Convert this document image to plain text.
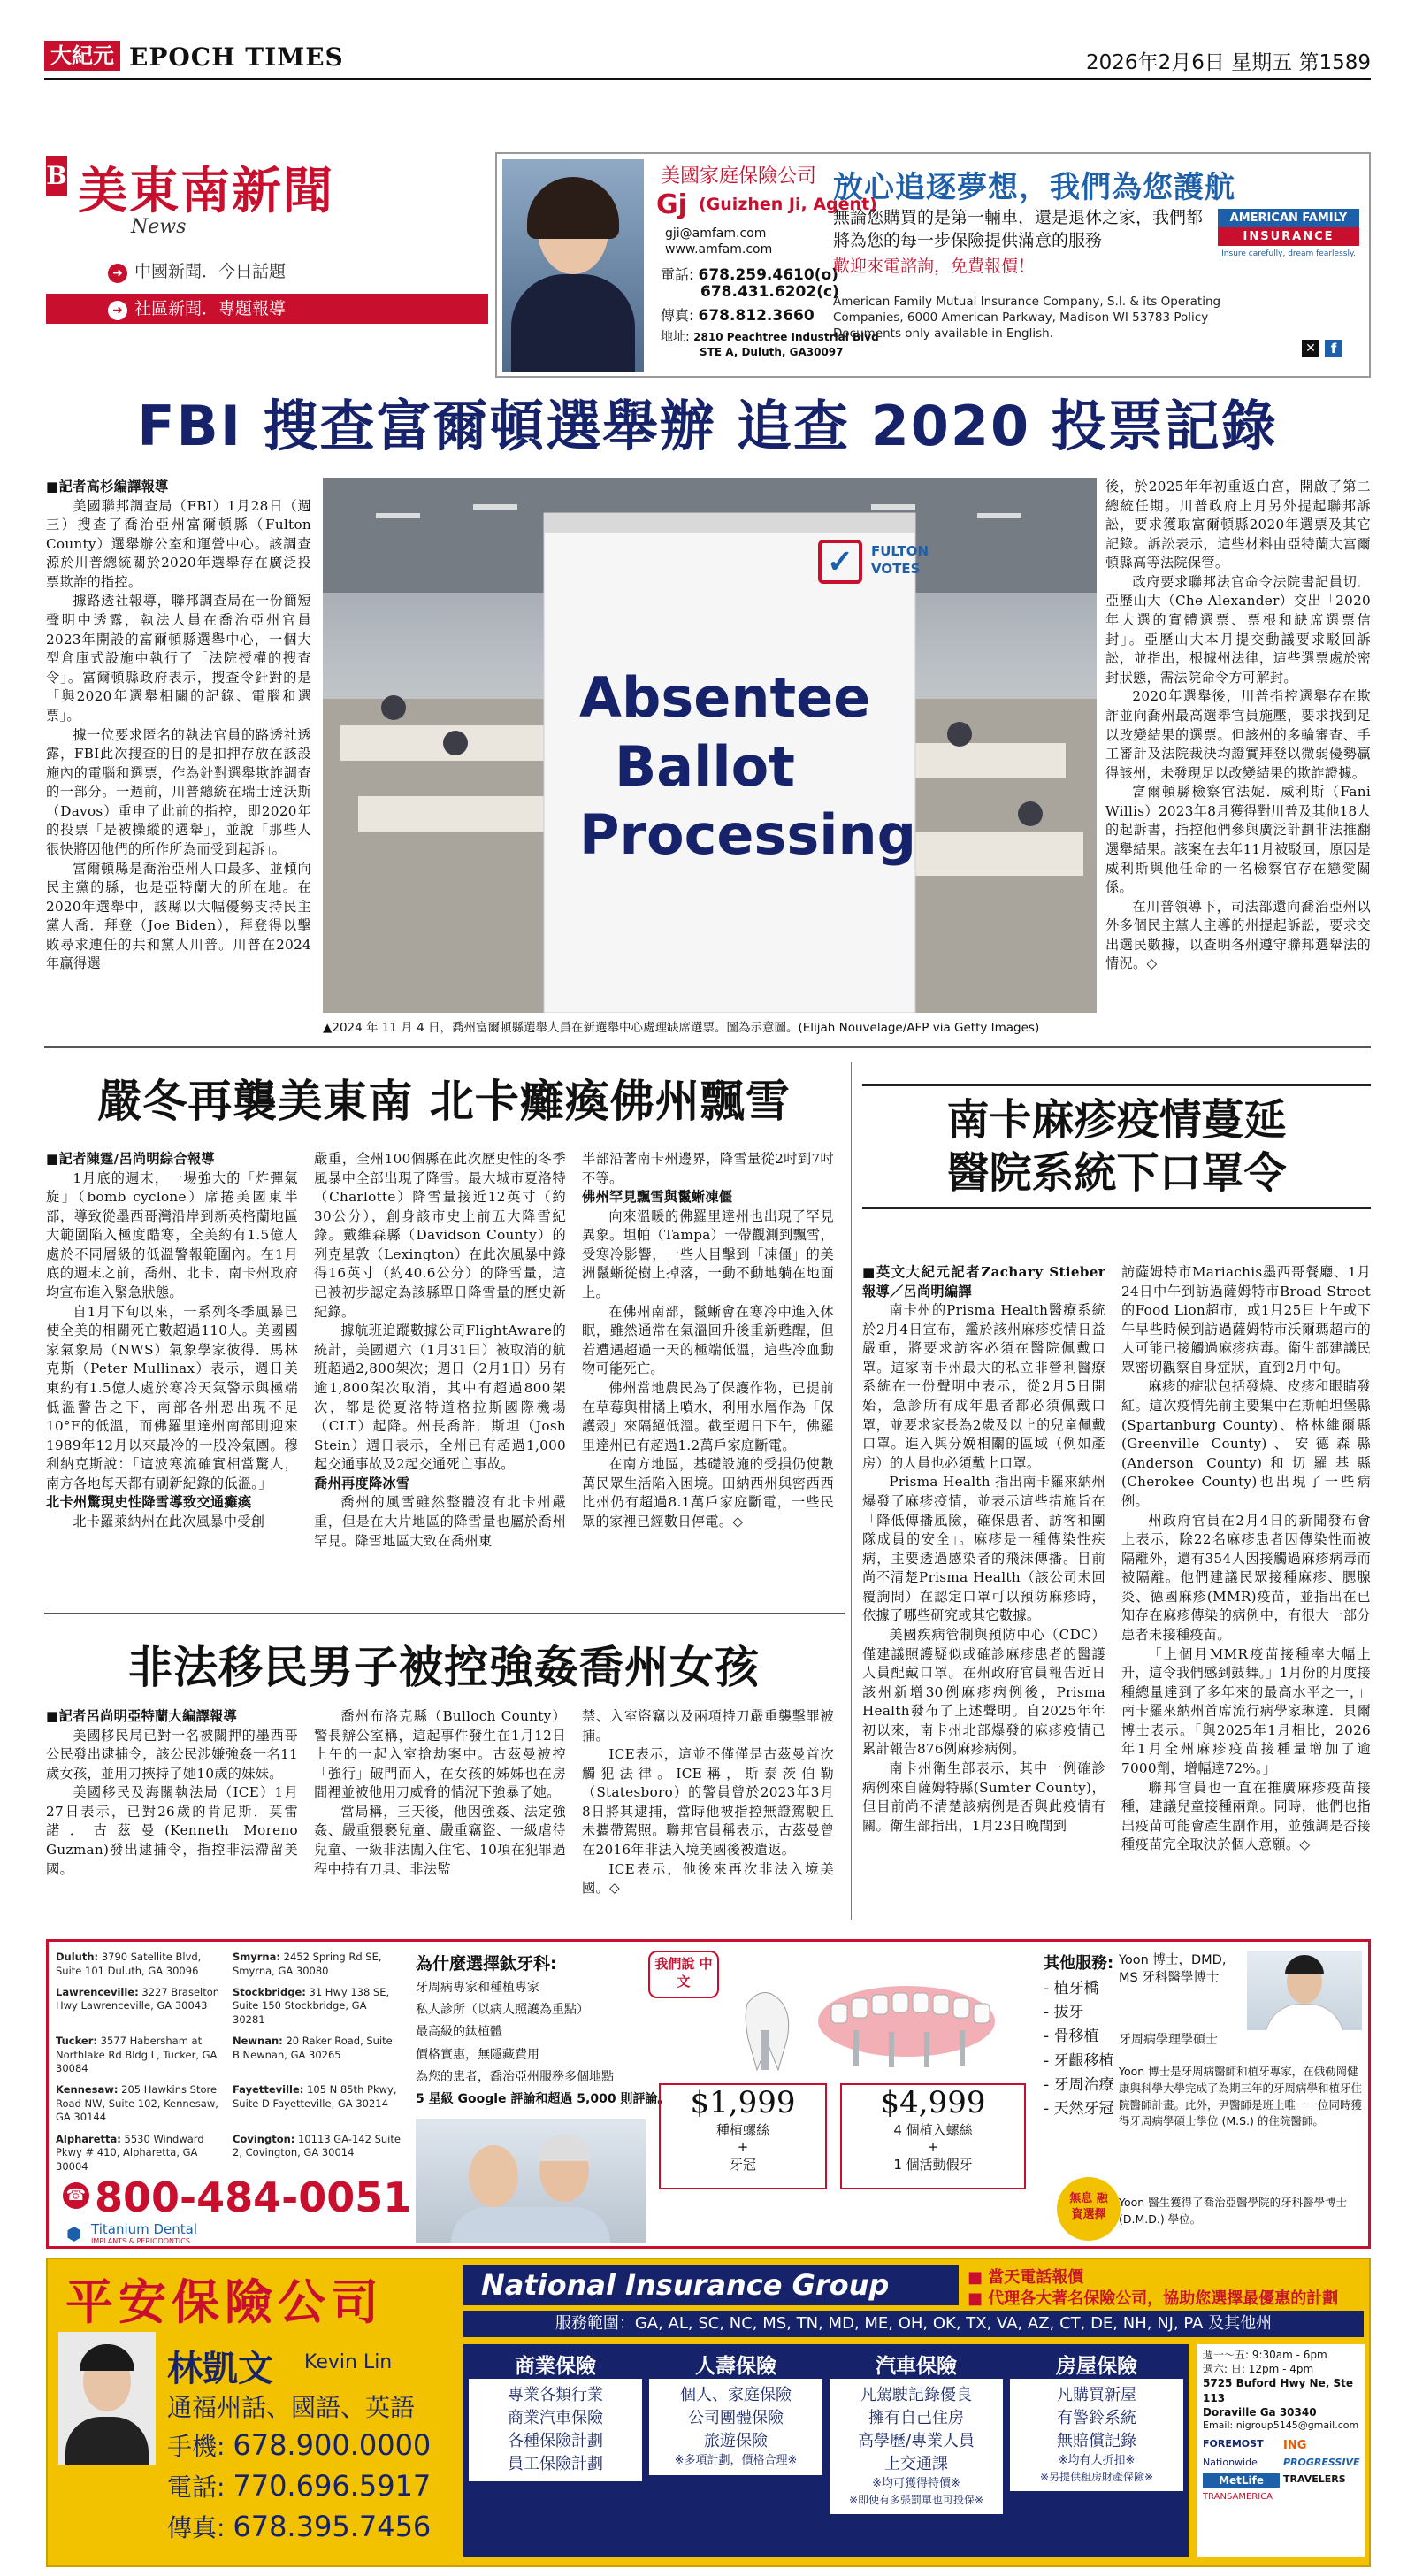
大紀元 EPOCH TIMES	2026年2月6日 星期五 第1589
B 美東南新聞
News
➜ 中國新聞．今日話題
➜ 社區新聞．專題報導
美國家庭保險公司
Gj (Guizhen Ji, Agent)
gji@amfam.com
www.amfam.com
電話: 678.259.4610(o)
678.431.6202(c)
傳真: 678.812.3660
地址: 2810 Peachtree Industrial Blvd
STE A, Duluth, GA30097
放心追逐夢想，我們為您護航
無論您購買的是第一輛車，還是退休之家，我們都將為您的每一步保險提供滿意的服務
歡迎來電諮詢，免費報價！
AMERICAN FAMILY
INSURANCE
Insure carefully, dream fearlessly.
American Family Mutual Insurance Company, S.I. & its Operating Companies, 6000 American Parkway, Madison WI 53783 Policy Documents only available in English.
✕	f
FBI 搜查富爾頓選舉辦 追查 2020 投票記錄

■記者高杉編譯報導

美國聯邦調查局（FBI）1月28日（週三）搜查了喬治亞州富爾頓縣（Fulton County）選舉辦公室和運營中心。該調查源於川普總統關於2020年選舉存在廣泛投票欺詐的指控。

據路透社報導，聯邦調查局在一份簡短聲明中透露，執法人員在喬治亞州官員2023年開設的富爾頓縣選舉中心，一個大型倉庫式設施中執行了「法院授權的搜查令」。富爾頓縣政府表示，搜查令針對的是「與2020年選舉相關的記錄、電腦和選票」。

據一位要求匿名的執法官員的路透社透露，FBI此次搜查的目的是扣押存放在該設施內的電腦和選票，作為針對選舉欺詐調查的一部分。一週前，川普總統在瑞士達沃斯（Davos）重申了此前的指控，即2020年的投票「是被操縱的選舉」，並說「那些人很快將因他們的所作所為而受到起訴」。

富爾頓縣是喬治亞州人口最多、並傾向民主黨的縣，也是亞特蘭大的所在地。在2020年選舉中，該縣以大幅優勢支持民主黨人喬．拜登（Joe Biden），拜登得以擊敗尋求連任的共和黨人川普。川普在2024年贏得選

✓	FULTON
VOTES
Absentee
Ballot
Processing
▲2024 年 11 月 4 日，喬州富爾頓縣選舉人員在新選舉中心處理缺席選票。圖為示意圖。(Elijah Nouvelage/AFP via Getty Images)

後，於2025年年初重返白宮，開啟了第二總統任期。川普政府上月另外提起聯邦訴訟，要求獲取富爾頓縣2020年選票及其它記錄。訴訟表示，這些材料由亞特蘭大富爾頓縣高等法院保管。

政府要求聯邦法官命令法院書記員切．亞歷山大（Che Alexander）交出「2020年大選的實體選票、票根和缺席選票信封」。亞歷山大本月提交動議要求駁回訴訟，並指出，根據州法律，這些選票處於密封狀態，需法院命令方可解封。

2020年選舉後，川普指控選舉存在欺詐並向喬州最高選舉官員施壓，要求找到足以改變結果的選票。但該州的多輪審查、手工審計及法院裁決均證實拜登以微弱優勢贏得該州，未發現足以改變結果的欺詐證據。

富爾頓縣檢察官法妮．威利斯（Fani Willis）2023年8月獲得對川普及其他18人的起訴書，指控他們參與廣泛計劃非法推翻選舉結果。該案在去年11月被駁回，原因是威利斯與他任命的一名檢察官存在戀愛關係。

在川普領導下，司法部還向喬治亞州以外多個民主黨人主導的州提起訴訟，要求交出選民數據，以查明各州遵守聯邦選舉法的情況。◇

嚴冬再襲美東南 北卡癱瘓佛州飄雪

■記者陳霆/呂尚明綜合報導

1月底的週末，一場強大的「炸彈氣旋」（bomb cyclone）席捲美國東半部，導致從墨西哥灣沿岸到新英格蘭地區大範圍陷入極度酷寒，全美約有1.5億人處於不同層級的低溫警報範圍內。在1月底的週末之前，喬州、北卡、南卡州政府均宣布進入緊急狀態。

自1月下旬以來，一系列冬季風暴已使全美的相關死亡數超過110人。美國國家氣象局（NWS）氣象學家彼得．馬林克斯（Peter Mullinax）表示，週日美東約有1.5億人處於寒冷天氣警示與極端低溫警告之下，南部各州恐出現不足10°F的低溫，而佛羅里達州南部則迎來1989年12月以來最冷的一股冷氣團。穆利納克斯說：「這波寒流確實相當驚人，南方各地每天都有刷新紀錄的低溫。」

北卡州驚現史性降雪導致交通癱瘓

北卡羅萊納州在此次風暴中受創

嚴重，全州100個縣在此次歷史性的冬季風暴中全部出現了降雪。最大城市夏洛特（Charlotte）降雪量接近12英寸（約30公分），創身該市史上前五大降雪紀錄。戴維森縣（Davidson County）的列克星敦（Lexington）在此次風暴中錄得16英寸（約40.6公分）的降雪量，這已被初步認定為該縣單日降雪量的歷史新紀錄。

據航班追蹤數據公司FlightAware的統計，美國週六（1月31日）被取消的航班超過2,800架次；週日（2月1日）另有逾1,800架次取消，其中有超過800架次，都是從夏洛特道格拉斯國際機場（CLT）起降。州長喬許．斯坦（Josh Stein）週日表示，全州已有超過1,000起交通事故及2起交通死亡事故。

喬州再度降冰雪

喬州的風雪雖然整體沒有北卡州嚴重，但是在大片地區的降雪量也屬於喬州罕見。降雪地區大致在喬州東

半部沿著南卡州邊界，降雪量從2吋到7吋不等。

佛州罕見飄雪與鬣蜥凍僵

向來溫暖的佛羅里達州也出現了罕見異象。坦帕（Tampa）一帶觀測到飄雪，受寒冷影響，一些人目擊到「凍僵」的美洲鬣蜥從樹上掉落，一動不動地躺在地面上。

在佛州南部，鬣蜥會在寒冷中進入休眠，雖然通常在氣溫回升後重新甦醒，但若遭遇超過一天的極端低溫，這些冷血動物可能死亡。

佛州當地農民為了保護作物，已提前在草莓與柑橘上噴水，利用水層作為「保護殼」來隔絕低溫。截至週日下午，佛羅里達州已有超過1.2萬戶家庭斷電。

在南方地區，基礎設施的受損仍使數萬民眾生活陷入困境。田納西州與密西西比州仍有超過8.1萬戶家庭斷電，一些民眾的家裡已經數日停電。◇

南卡麻疹疫情蔓延
醫院系統下口罩令

■英文大紀元記者Zachary Stieber報導／呂尚明編譯

南卡州的Prisma Health醫療系統於2月4日宣布，鑑於該州麻疹疫情日益嚴重，將要求訪客必須在醫院佩戴口罩。這家南卡州最大的私立非營利醫療系統在一份聲明中表示，從2月5日開始，急診所有成年患者都必須佩戴口罩，並要求家長為2歲及以上的兒童佩戴口罩。進入與分娩相關的區域（例如產房）的人員也必須戴上口罩。

Prisma Health 指出南卡羅來納州爆發了麻疹疫情，並表示這些措施旨在「降低傳播風險，確保患者、訪客和團隊成員的安全」。麻疹是一種傳染性疾病，主要透過感染者的飛沫傳播。目前尚不清楚Prisma Health（該公司未回覆詢問）在認定口罩可以預防麻疹時，依據了哪些研究或其它數據。

美國疾病管制與預防中心（CDC）僅建議照護疑似或確診麻疹患者的醫護人員配戴口罩。在州政府官員報告近日該州新增30例麻疹病例後，Prisma Health發布了上述聲明。自2025年年初以來，南卡州北部爆發的麻疹疫情已累計報告876例麻疹病例。

南卡州衛生部表示，其中一例確診病例來自薩姆特縣(Sumter County)，但目前尚不清楚該病例是否與此疫情有關。衛生部指出，1月23日晚間到

訪薩姆特市Mariachis墨西哥餐廳、1月24日中午到訪過薩姆特市Broad Street的Food Lion超市，或1月25日上午或下午早些時候到訪過薩姆特市沃爾瑪超市的人可能已接觸過麻疹病毒。衛生部建議民眾密切觀察自身症狀，直到2月中旬。

麻疹的症狀包括發燒、皮疹和眼睛發紅。這次疫情先前主要集中在斯帕坦堡縣(Spartanburg County)、格林維爾縣(Greenville County)、安德森縣(Anderson County)和切羅基縣(Cherokee County)也出現了一些病例。

州政府官員在2月4日的新聞發布會上表示，除22名麻疹患者因傳染性而被隔離外，還有354人因接觸過麻疹病毒而被隔離。他們建議民眾接種麻疹、腮腺炎、德國麻疹(MMR)疫苗，並指出在已知存在麻疹傳染的病例中，有很大一部分患者未接種疫苗。

「上個月MMR疫苗接種率大幅上升，這令我們感到鼓舞。」1月份的月度接種總量達到了多年來的最高水平之一，」南卡羅來納州首席流行病學家琳達．貝爾博士表示。「與2025年1月相比，2026年1月全州麻疹疫苗接種量增加了逾7000劑，增幅達72%。」

聯邦官員也一直在推廣麻疹疫苗接種，建議兒童接種兩劑。同時，他們也指出疫苗可能會產生副作用，並強調是否接種疫苗完全取決於個人意願。◇

非法移民男子被控強姦喬州女孩

■記者呂尚明亞特蘭大編譯報導

美國移民局已對一名被關押的墨西哥公民發出逮捕令，該公民涉嫌強姦一名11歲女孩，並用刀挾持了她10歲的妹妹。

美國移民及海關執法局（ICE）1月27日表示，已對26歲的肯尼斯．莫雷諾．古茲曼(Kenneth Moreno Guzman)發出逮捕令，指控非法滯留美國。

喬州布洛克縣（Bulloch County）警長辦公室稱，這起事件發生在1月12日上午的一起入室搶劫案中。古茲曼被控「強行」破門而入，在女孩的姊姊也在房間裡並被他用刀威脅的情況下強暴了她。

當局稱，三天後，他因強姦、法定強姦、嚴重猥褻兒童、嚴重竊盜、一級虐待兒童、一級非法闖入住宅、10項在犯罪過程中持有刀具、非法監

禁、入室盜竊以及兩項持刀嚴重襲擊罪被捕。

ICE表示，這並不僅僅是古茲曼首次觸犯法律。ICE稱，斯泰茨伯勒（Statesboro）的警員曾於2023年3月8日將其逮捕，當時他被指控無證駕駛且未攜帶駕照。聯邦官員稱表示，古茲曼曾在2016年非法入境美國後被遣返。

ICE表示，他後來再次非法入境美國。◇

Duluth: 3790 Satellite Blvd, Suite 101 Duluth, GA 30096
Smyrna: 2452 Spring Rd SE, Smyrna, GA 30080
Lawrenceville: 3227 Braselton Hwy Lawrenceville, GA 30043
Stockbridge: 31 Hwy 138 SE, Suite 150 Stockbridge, GA 30281
Tucker: 3577 Habersham at Northlake Rd Bldg L, Tucker, GA 30084
Newnan: 20 Raker Road, Suite B Newnan, GA 30265
Kennesaw: 205 Hawkins Store Road NW, Suite 102, Kennesaw, GA 30144
Fayetteville: 105 N 85th Pkwy, Suite D Fayetteville, GA 30214
Alpharetta: 5530 Windward Pkwy # 410, Alpharetta, GA 30004
Covington: 10113 GA-142 Suite 2, Covington, GA 30014
☎ 800-484-0051
⬢ Titanium Dental
IMPLANTS & PERIODONTICS
為什麼選擇鈦牙科:
牙周病專家和種植專家
私人診所（以病人照護為重點）
最高級的鈦植體
價格實惠，無隱藏費用
為您的患者，喬治亞州服務多個地點
5 星級 Google 評論和超過 5,000 則評論。
我們說 中文
$1,999
種植螺絲
+
牙冠
$4,999
4 個植入螺絲
+
1 個活動假牙
其他服務:
- 植牙橋
- 拔牙
- 骨移植
- 牙齦移植
- 牙周治療
- 天然牙冠
無息 融資選擇
Yoon 博士，DMD, MS 牙科醫學博士
牙周病學理學碩士
Yoon 博士是牙周病醫師和植牙專家，在俄勒岡健康與科學大學完成了為期三年的牙周病學和植牙住院醫師計畫。此外，尹醫師是班上唯一一位同時獲得牙周病學碩士學位 (M.S.) 的住院醫師。
Yoon 醫生獲得了喬治亞醫學院的牙科醫學博士 (D.M.D.) 學位。
平安保險公司	National Insurance Group	■ 當天電話報價
■ 代理各大著名保險公司，協助您選擇最優惠的計劃
服務範圍：GA, AL, SC, NC, MS, TN, MD, ME, OH, OK, TX, VA, AZ, CT, DE, NH, NJ, PA 及其他州
林凱文 Kevin Lin
通福州話、國語、英語
手機: 678.900.0000
電話: 770.696.5917
傳真: 678.395.7456
商業保險
專業各類行業
商業汽車保險
各種保險計劃
員工保險計劃
人壽保險
個人、家庭保險
公司團體保險
旅遊保險
※多項計劃，價格合理※
汽車保險
凡駕駛記錄優良
擁有自己住房
高學歷/專業人員
上交通課
※均可獲得特價※
※即使有多張罰單也可投保※
房屋保險
凡購買新屋
有警鈴系統
無賠償記錄
※均有大折扣※
※另提供租房財產保險※
週一～五: 9:30am - 6pm
週六: 日: 12pm - 4pm
5725 Buford Hwy Ne, Ste 113
Doraville Ga 30340
Email: nigroup5145@gmail.com
FOREMOST	ING
Nationwide	PROGRESSIVE
MetLife	TRAVELERS
TRANSAMERICA
